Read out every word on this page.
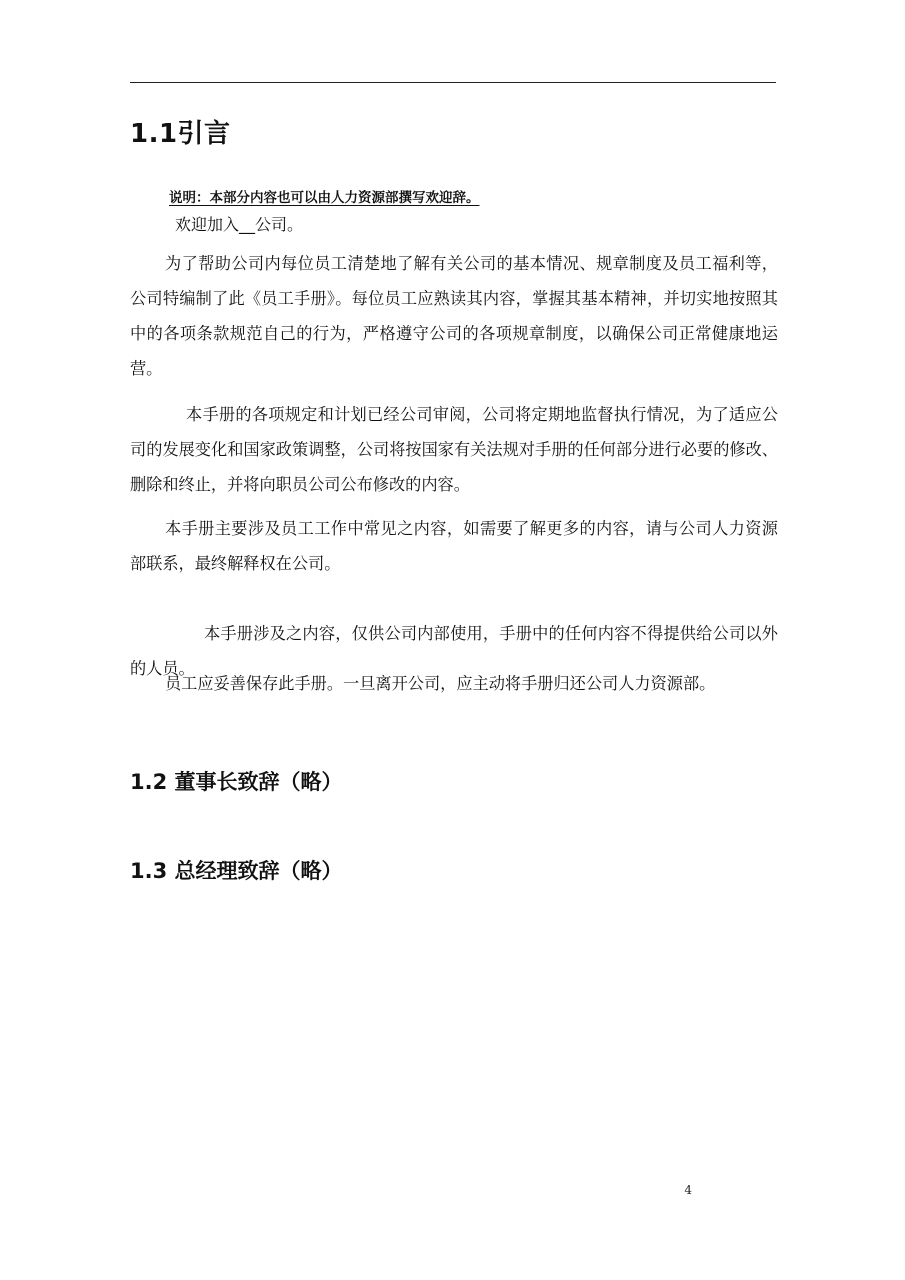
1.1引言
说明：本部分内容也可以由人力资源部撰写欢迎辞。
欢迎加入__公司。

为了帮助公司内每位员工清楚地了解有关公司的基本情况、规章制度及员工福利等，公司特编制了此《员工手册》。每位员工应熟读其内容，掌握其基本精神，并切实地按照其中的各项条款规范自己的行为，严格遵守公司的各项规章制度，以确保公司正常健康地运营。

本手册的各项规定和计划已经公司审阅，公司将定期地监督执行情况，为了适应公司的发展变化和国家政策调整，公司将按国家有关法规对手册的任何部分进行必要的修改、删除和终止，并将向职员公司公布修改的内容。

本手册主要涉及员工工作中常见之内容，如需要了解更多的内容，请与公司人力资源部联系，最终解释权在公司。

本手册涉及之内容，仅供公司内部使用，手册中的任何内容不得提供给公司以外的人员。

员工应妥善保存此手册。一旦离开公司，应主动将手册归还公司人力资源部。

1.2 董事长致辞（略）
1.3 总经理致辞（略）
4
